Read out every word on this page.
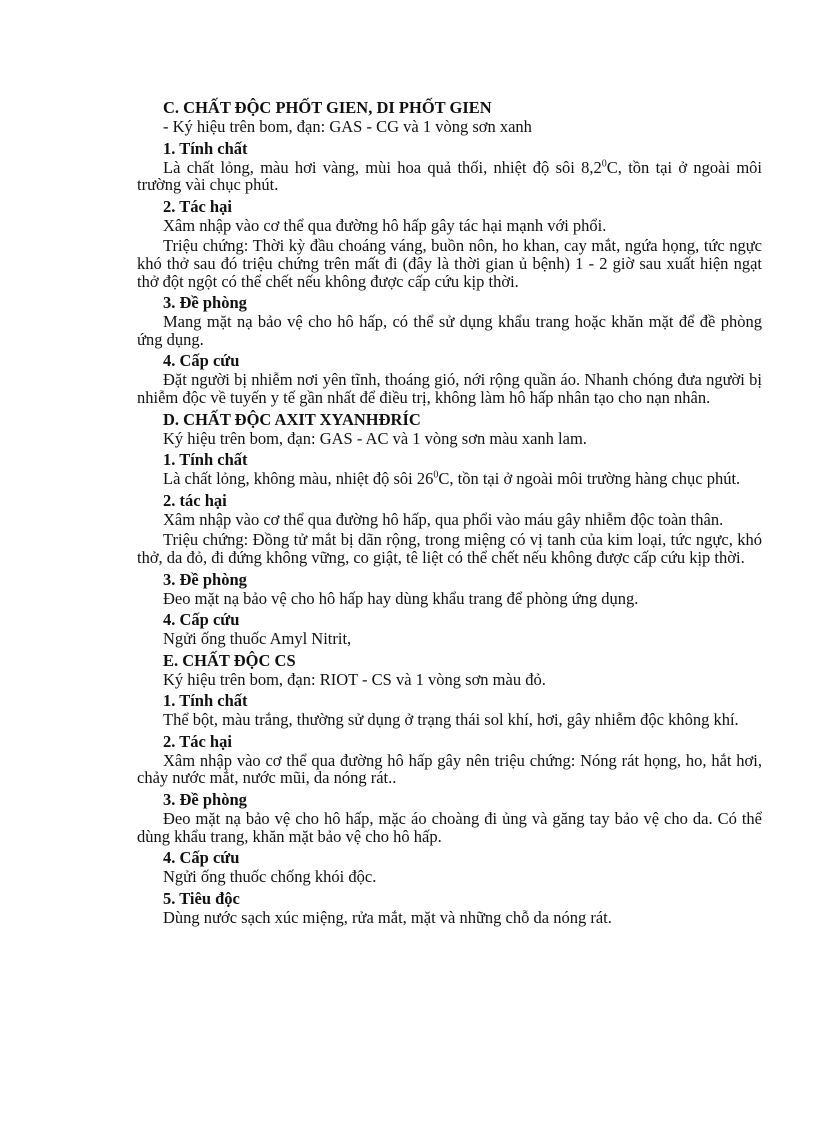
C. CHẤT ĐỘC PHỐT GIEN, DI PHỐT GIEN
- Ký hiệu trên bom, đạn: GAS - CG và 1 vòng sơn xanh
1. Tính chất
Là chất lỏng, màu hơi vàng, mùi hoa quả thối, nhiệt độ sôi $8,2^0C$, tồn tại ở ngoài môi trường vài chục phút.
2. Tác hại
Xâm nhập vào cơ thể qua đường hô hấp gây tác hại mạnh với phổi.
Triệu chứng: Thời kỳ đầu choáng váng, buồn nôn, ho khan, cay mắt, ngứa họng, tức ngực khó thở sau đó triệu chứng trên mất đi (đây là thời gian ủ bệnh) 1 - 2 giờ sau xuất hiện ngạt thở đột ngột có thể chết nếu không được cấp cứu kịp thời.
3. Đề phòng
Mang mặt nạ bảo vệ cho hô hấp, có thể sử dụng khẩu trang hoặc khăn mặt để đề phòng ứng dụng.
4. Cấp cứu
Đặt người bị nhiễm nơi yên tĩnh, thoáng gió, nới rộng quần áo. Nhanh chóng đưa người bị nhiễm độc về tuyến y tế gần nhất để điều trị, không làm hô hấp nhân tạo cho nạn nhân.
D. CHẤT ĐỘC AXIT XYANHĐRÍC
Ký hiệu trên bom, đạn: GAS - AC và 1 vòng sơn màu xanh lam.
1. Tính chất
Là chất lỏng, không màu, nhiệt độ sôi $26^0C$, tồn tại ở ngoài môi trường hàng chục phút.
2. tác hại
Xâm nhập vào cơ thể qua đường hô hấp, qua phổi vào máu gây nhiễm độc toàn thân.
Triệu chứng: Đồng tử mắt bị dãn rộng, trong miệng có vị tanh của kim loại, tức ngực, khó thở, da đỏ, đi đứng không vững, co giật, tê liệt có thể chết nếu không được cấp cứu kịp thời.
3. Đề phòng
Đeo mặt nạ bảo vệ cho hô hấp hay dùng khẩu trang để phòng ứng dụng.
4. Cấp cứu
Ngửi ống thuốc Amyl Nitrit,
E. CHẤT ĐỘC CS
Ký hiệu trên bom, đạn: RIOT - CS và 1 vòng sơn màu đỏ.
1. Tính chất
Thể bột, màu trắng, thường sử dụng ở trạng thái sol khí, hơi, gây nhiễm độc không khí.
2. Tác hại
Xâm nhập vào cơ thể qua đường hô hấp gây nên triệu chứng: Nóng rát họng, ho, hắt hơi, chảy nước mắt, nước mũi, da nóng rát..
3. Đề phòng
Đeo mặt nạ bảo vệ cho hô hấp, mặc áo choàng đi ủng và găng tay bảo vệ cho da. Có thể dùng khẩu trang, khăn mặt bảo vệ cho hô hấp.
4. Cấp cứu
Ngửi ống thuốc chống khói độc.
5. Tiêu độc
Dùng nước sạch xúc miệng, rửa mắt, mặt và những chỗ da nóng rát.
